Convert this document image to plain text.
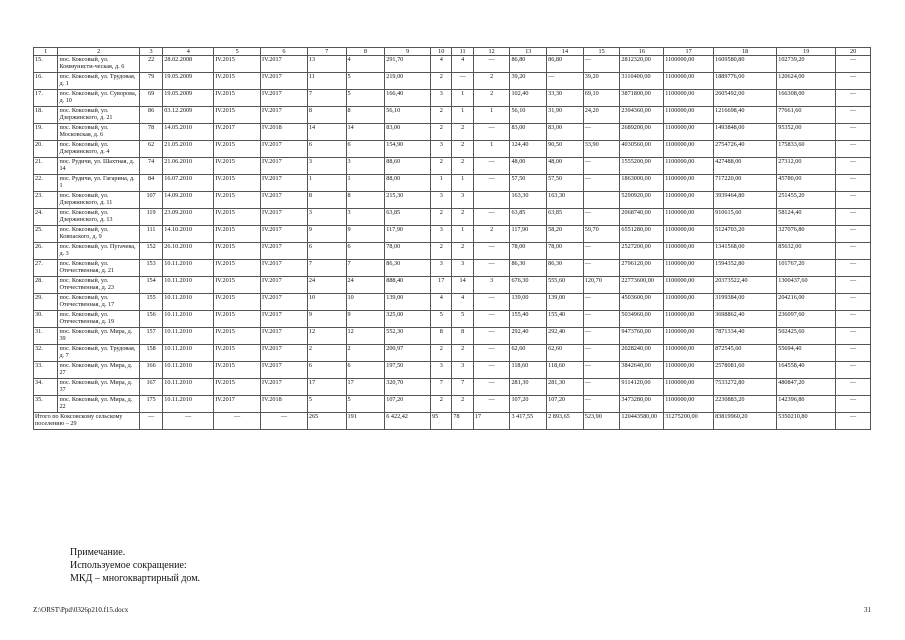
1	2	3	4	5	6	7	8	9	10	11	12	13	14	15	16	17	18	19	20
15.	пос. Коксовый, ул. Коммунисти-ческая, д. 6	22	28.02.2008	IV.2015	IV.2017	13	4	291,70	4	4	—	86,80	86,80	—	2812320,00	1100000,00	1609580,80	102739,20	—
16.	пос. Коксовый, ул. Трудовая, д. 1	79	19.05.2009	IV.2015	IV.2017	11	5	219,00	2	—	2	39,20	—	39,20	3110400,00	1100000,00	1889776,00	120624,00	—
17.	пос. Коксовый, ул. Суворова, д. 10	69	19.05.2009	IV.2015	IV.2017	7	5	166,40	3	1	2	102,40	33,30	69,10	3871800,00	1100000,00	2605492,00	166308,00	—
18.	пос. Коксовый, ул. Дзержинского, д. 21	86	03.12.2009	IV.2015	IV.2017	8	8	56,10	2	1	1	56,10	31,90	24,20	2394360,00	1100000,00	1216698,40	77661,60	—
19.	пос. Коксовый, ул. Московская, д. 6	78	14.05.2010	IV.2017	IV.2018	14	14	83,00	2	2	—	83,00	83,00	—	2689200,00	1100000,00	1493848,00	95352,00	—
20.	пос. Коксовый, ул. Дзержинского, д. 4	62	21.05.2010	IV.2015	IV.2017	6	6	154,90	3	2	1	124,40	90,50	33,90	4030560,00	1100000,00	2754726,40	175833,60	—
21.	пос. Рудичи, ул. Шахтная, д. 14	74	21.06.2010	IV.2015	IV.2017	3	3	88,60	2	2	—	48,00	48,00	—	1555200,00	1100000,00	427488,00	27312,00	—
22.	пос. Рудичи, ул. Гагарина, д. 1	84	16.07.2010	IV.2015	IV.2017	1	1	88,00	1	1	—	57,50	57,50	—	1863000,00	1100000,00	717220,00	45780,00	—
23.	пос. Коксовый, ул. Дзержинского, д. 11	107	14.09.2010	IV.2015	IV.2017	8	8	215,30	3	3		163,30	163,30		5290920,00	1100000,00	3939464,80	251455,20	—
24.	пос. Коксовый, ул. Дзержинского, д. 13	119	23.09.2010	IV.2015	IV.2017	3	3	63,85	2	2	—	63,85	63,85	—	2068740,00	1100000,00	910615,60	58124,40	—
25.	пос. Коксовый, ул. Ковпаского, д. 9	111	14.10.2010	IV.2015	IV.2017	9	9	117,90	3	1	2	117,90	58,20	59,70	6551280,00	1100000,00	5124703,20	327076,80	—
26.	пос. Коксовый, ул. Пугачева, д. 3	152	26.10.2010	IV.2015	IV.2017	6	6	78,00	2	2	—	78,00	78,00	—	2527200,00	1100000,00	1341568,00	85632,00	—
27.	пос. Коксовый, ул. Отечественная, д. 21	153	10.11.2010	IV.2015	IV.2017	7	7	86,30	3	3	—	86,30	86,30	—	2796120,00	1100000,00	1594352,80	101767,20	—
28.	пос. Коксовый, ул. Отечественная, д. 23	154	10.11.2010	IV.2015	IV.2017	24	24	888,40	17	14	3	676,30	555,60	120,70	22773600,00	1100000,00	20373522,40	1300437,60	—
29.	пос. Коксовый, ул. Отечественная, д. 17	155	10.11.2010	IV.2015	IV.2017	10	10	139,00	4	4	—	139,00	139,00	—	4503600,00	1100000,00	3199384,00	204216,00	—
30.	пос. Коксовый, ул. Отечественная, д. 19	156	10.11.2010	IV.2015	IV.2017	9	9	325,00	5	5	—	155,40	155,40	—	5034960,00	1100000,00	3698862,40	236097,60	—
31.	пос. Коксовый, ул. Мира, д. 39	157	10.11.2010	IV.2015	IV.2017	12	12	552,30	8	8	—	292,40	292,40	—	9473760,00	1100000,00	7871334,40	502425,60	—
32.	пос. Коксовый, ул. Трудовая, д. 7	158	10.11.2010	IV.2015	IV.2017	2	2	200,97	2	2	—	62,60	62,60	—	2028240,00	1100000,00	872545,60	55694,40	—
33.	пос. Коксовый, ул. Мира, д. 27	166	10.11.2010	IV.2015	IV.2017	6	6	197,50	3	3	—	118,60	118,60	—	3842640,00	1100000,00	2578081,60	164558,40	—
34.	пос. Коксовый, ул. Мира, д. 37	167	10.11.2010	IV.2015	IV.2017	17	17	320,70	7	7	—	281,30	281,30	—	9114120,00	1100000,00	7533272,80	480847,20	—
35.	пос. Коксовый, ул. Мира, д. 22	175	10.11.2010	IV.2017	IV.2018	5	5	107,20	2	2	—	107,20	107,20	—	3473280,00	1100000,00	2230883,20	142396,80	—
Итого по Коксовскому сельскому поселению – 29		—	—	—	—	265	191	6 422,42	95	78	17	3 417,55	2 893,65	523,90	120443580,00	31275200,00	83819960,20	5350210,80	—
Примечание.
Используемое сокращение:
МКД – многоквартирный дом.
Z:\ORST\Ppd\0326p210.f15.docx	31
